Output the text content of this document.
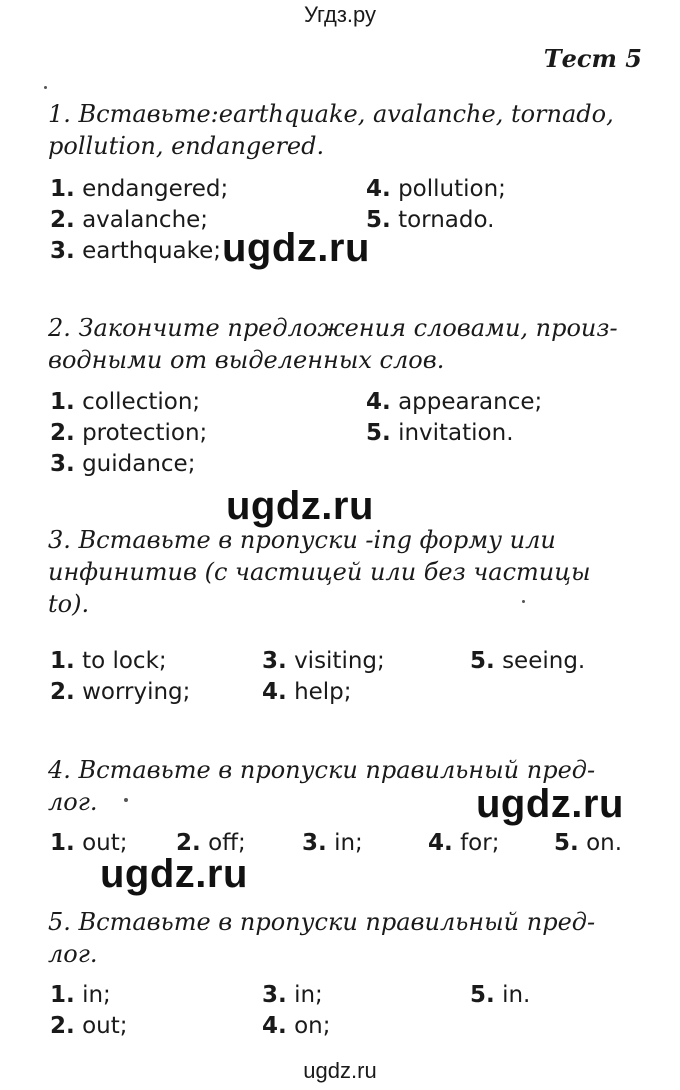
Угдз.ру
Тест 5
1. Вставьте:earthquake, avalanche, tornado,
pollution, endangered.
1. endangered;
2. avalanche;
3. earthquake;
4. pollution;
5. tornado.
ugdz.ru
2. Закончите предложения словами, произ-
водными от выделенных слов.
1. collection;
2. protection;
3. guidance;
4. appearance;
5. invitation.
ugdz.ru
3. Вставьте в пропуски -ing форму или
инфинитив (с частицей или без частицы
to).
1. to lock;
2. worrying;
3. visiting;
4. help;
5. seeing.
4. Вставьте в пропуски правильный пред-
лог.	ugdz.ru
1. out; 2. off; 3. in;	4. for; 5. on.
ugdz.ru
5. Вставьте в пропуски правильный пред-
лог.
1. in;
2. out;
3. in;
4. on;
5. in.
ugdz.ru
